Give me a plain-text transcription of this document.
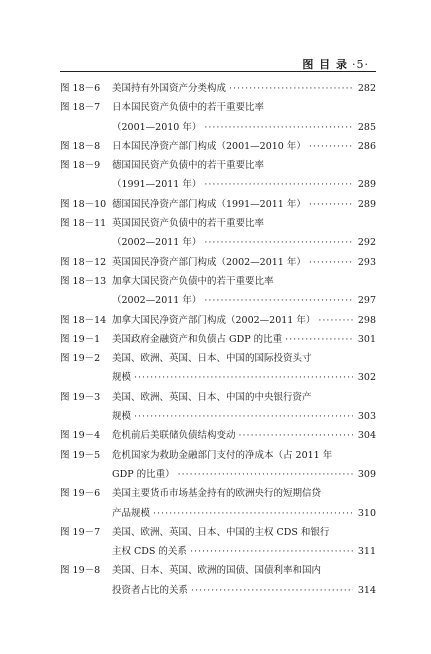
图 目 录 ·5·
图 18－6	美国持有外国资产分类构成 ·····	282
图 18－7	日本国民资产负债中的若干重要比率
（2001—2010 年） ·····	285
图 18－8	日本国民净资产部门构成（2001—2010 年） ·····	286
图 18－9	德国国民资产负债中的若干重要比率
（1991—2011 年） ·····	289
图 18－10 德国国民净资产部门构成（1991—2011 年） ·····	289
图 18－11 英国国民资产负债中的若干重要比率
（2002—2011 年） ·····	292
图 18－12 英国国民净资产部门构成（2002—2011 年） ·····	293
图 18－13 加拿大国民资产负债中的若干重要比率
（2002—2011 年） ·····	297
图 18－14 加拿大国民净资产部门构成（2002—2011 年） ·····	298
图 19－1	美国政府金融资产和负债占 GDP 的比重 ·····	301
图 19－2	美国、欧洲、英国、日本、中国的国际投资头寸
规模 ·····	302
图 19－3	美国、欧洲、英国、日本、中国的中央银行资产
规模 ·····	303
图 19－4	危机前后美联储负债结构变动 ·····	304
图 19－5	危机国家为救助金融部门支付的净成本（占 2011 年
GDP 的比重） ·····	309
图 19－6	美国主要货币市场基金持有的欧洲央行的短期信贷
产品规模 ·····	310
图 19－7	美国、欧洲、英国、日本、中国的主权 CDS 和银行
主权 CDS 的关系 ·····	311
图 19－8	美国、日本、英国、欧洲的国债、国债利率和国内
投资者占比的关系 ·····	314
